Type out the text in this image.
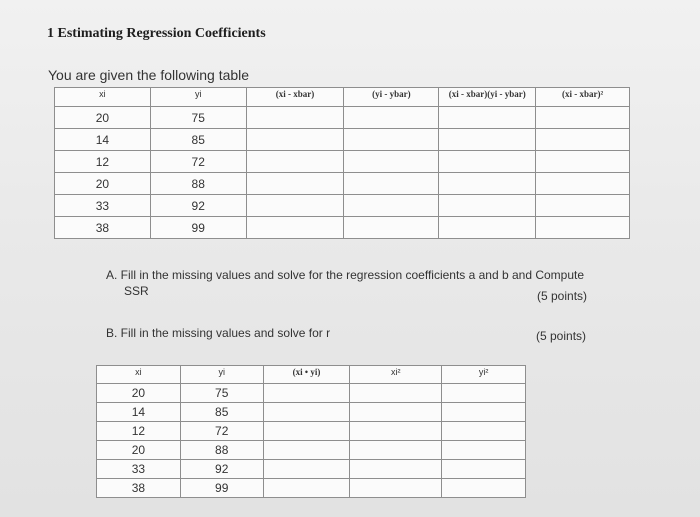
1 Estimating Regression Coefficients
You are given the following table
xi	yi	(xi - xbar)	(yi - ybar)	(xi - xbar)(yi - ybar)	(xi - xbar)²
20	75				
14	85				
12	72				
20	88				
33	92				
38	99				
A. Fill in the missing values and solve for the regression coefficients a and b and Compute
SSR	(5 points)
B. Fill in the missing values and solve for r	(5 points)
xi	yi	(xi • yi)	xi²	yi²
20	75			
14	85			
12	72			
20	88			
33	92			
38	99			
